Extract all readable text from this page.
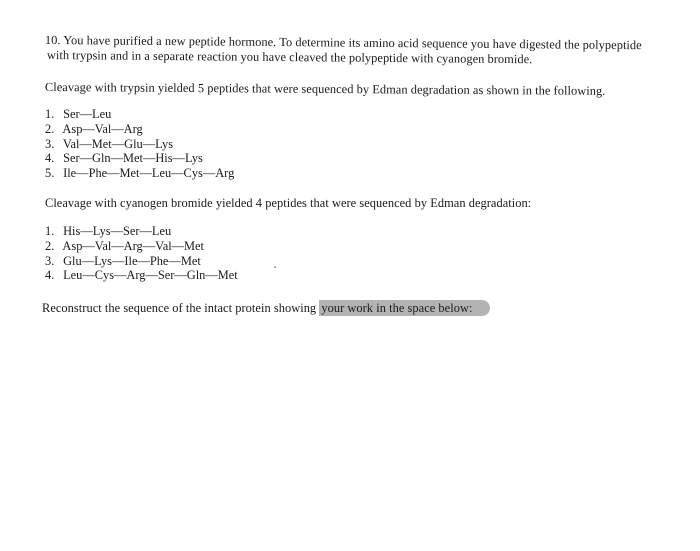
10. You have purified a new peptide hormone. To determine its amino acid sequence you have digested the polypeptide
with trypsin and in a separate reaction you have cleaved the polypeptide with cyanogen bromide.
Cleavage with trypsin yielded 5 peptides that were sequenced by Edman degradation as shown in the following.
1. Ser—Leu
2. Asp—Val—Arg
3. Val—Met—Glu—Lys
4. Ser—Gln—Met—His—Lys
5. Ile—Phe—Met—Leu—Cys—Arg
Cleavage with cyanogen bromide yielded 4 peptides that were sequenced by Edman degradation:
1. His—Lys—Ser—Leu
2. Asp—Val—Arg—Val—Met
3. Glu—Lys—Ile—Phe—Met
4. Leu—Cys—Arg—Ser—Gln—Met
Reconstruct the sequence of the intact protein showing your work in the space below:
